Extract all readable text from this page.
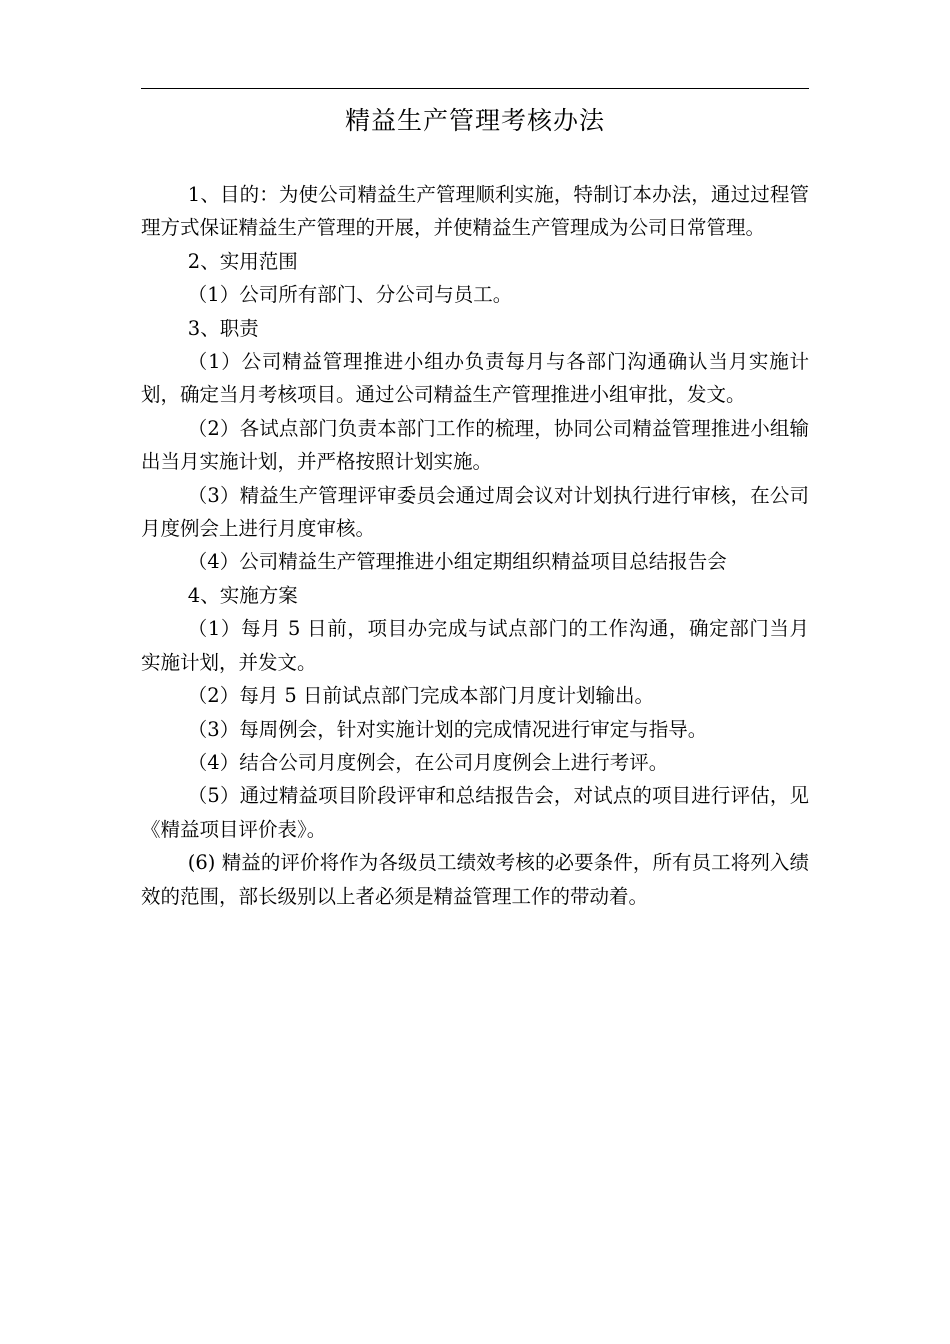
精益生产管理考核办法

1、目的：为使公司精益生产管理顺利实施，特制订本办法，通过过程管理方式保证精益生产管理的开展，并使精益生产管理成为公司日常管理。

2、实用范围

（1）公司所有部门、分公司与员工。

3、职责

（1）公司精益管理推进小组办负责每月与各部门沟通确认当月实施计划，确定当月考核项目。通过公司精益生产管理推进小组审批，发文。

（2）各试点部门负责本部门工作的梳理，协同公司精益管理推进小组输出当月实施计划，并严格按照计划实施。

（3）精益生产管理评审委员会通过周会议对计划执行进行审核，在公司月度例会上进行月度审核。

（4）公司精益生产管理推进小组定期组织精益项目总结报告会

4、实施方案

（1）每月 5 日前，项目办完成与试点部门的工作沟通，确定部门当月实施计划，并发文。

（2）每月 5 日前试点部门完成本部门月度计划输出。

（3）每周例会，针对实施计划的完成情况进行审定与指导。

（4）结合公司月度例会，在公司月度例会上进行考评。

（5）通过精益项目阶段评审和总结报告会，对试点的项目进行评估，见《精益项目评价表》。

(6) 精益的评价将作为各级员工绩效考核的必要条件，所有员工将列入绩效的范围，部长级别以上者必须是精益管理工作的带动着。
